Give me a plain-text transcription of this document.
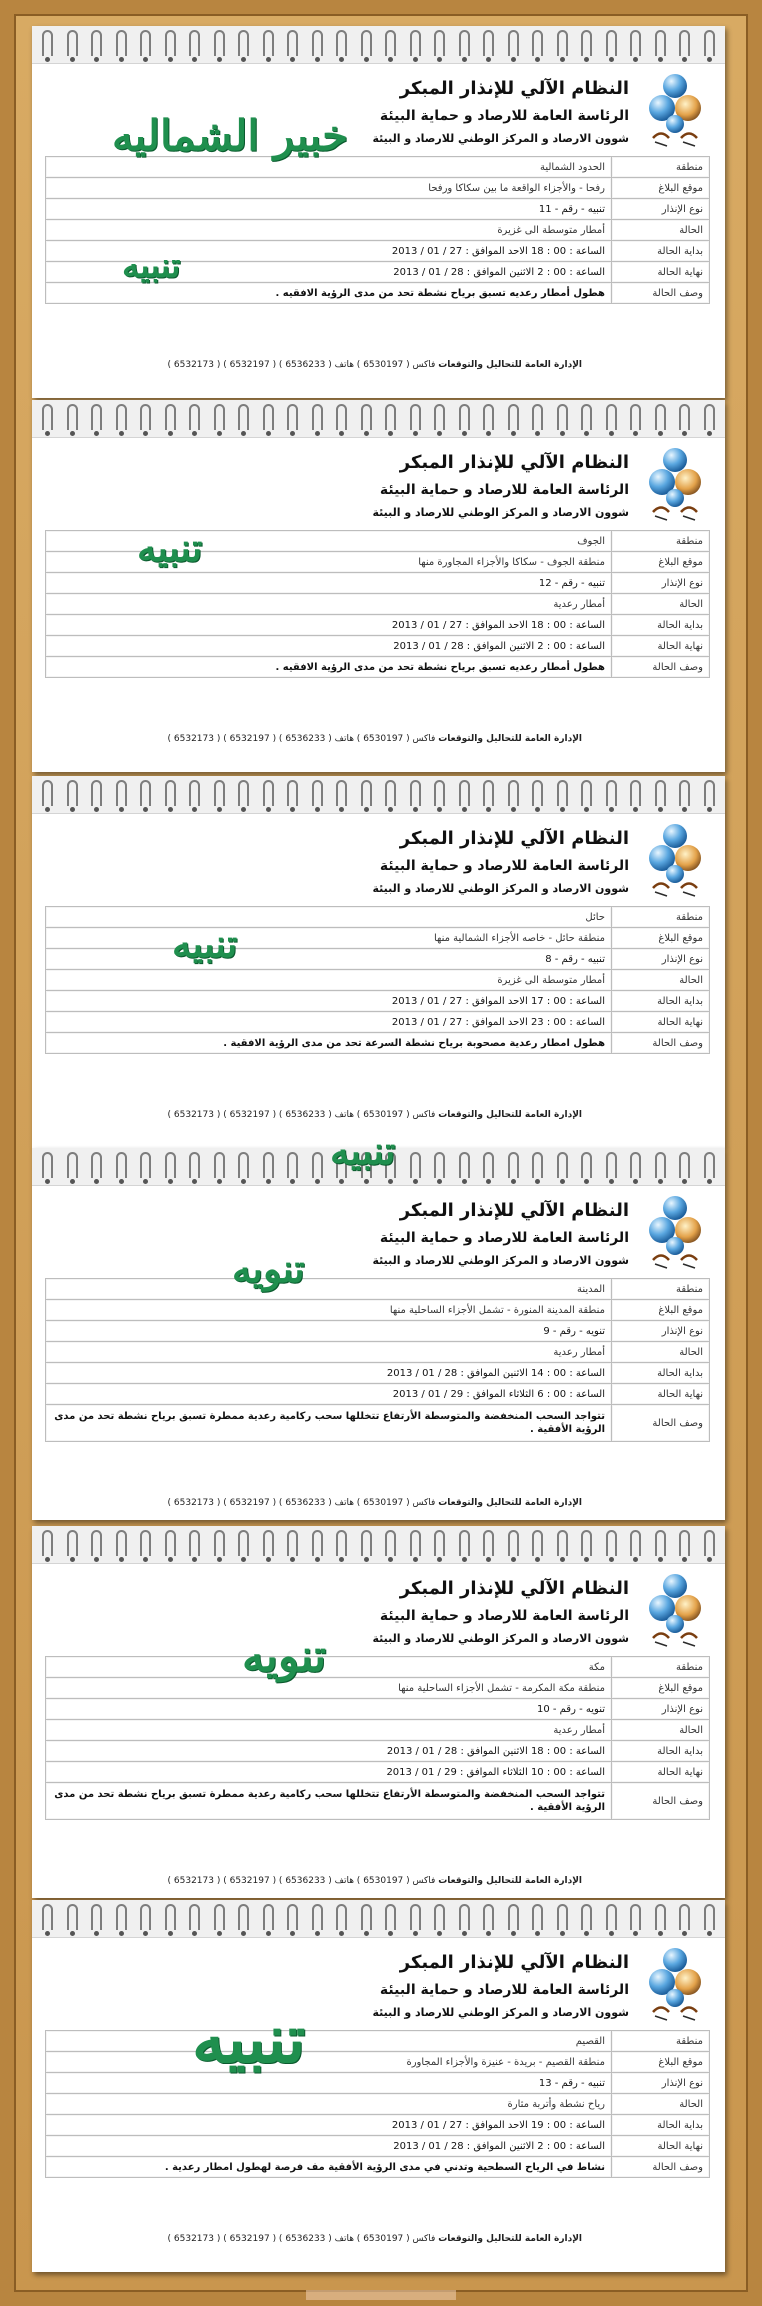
النظام الآلي للإنذار المبكر
الرئاسة العامة للارصاد و حماية البيئة
شوون الارصاد و المركز الوطني للارصاد و البيئة
منطقة	الحدود الشمالية
موقع البلاغ	رفحا - والأجزاء الواقعة ما بين سكاكا ورفحا
نوع الإنذار	تنبيه - رقم - 11
الحالة	أمطار متوسطة الى غزيرة
بداية الحالة	الساعة : 00 : 18 الاحد الموافق : 27 / 01 / 2013
نهاية الحالة	الساعة : 00 : 2 الاثنين الموافق : 28 / 01 / 2013
وصف الحالة	هطول أمطار رعديه تسبق برياح نشطة تحد من مدى الرؤية الافقيه .
الإدارة العامة للتحاليل والتوقعات فاكس ( 6530197 ) هاتف ( 6536233 ) ( 6532197 ) ( 6532173 )
خبير الشماليه
تنبيه
النظام الآلي للإنذار المبكر
الرئاسة العامة للارصاد و حماية البيئة
شوون الارصاد و المركز الوطني للارصاد و البيئة
منطقة	الجوف
موقع البلاغ	منطقة الجوف - سكاكا والأجزاء المجاورة منها
نوع الإنذار	تنبيه - رقم - 12
الحالة	أمطار رعدية
بداية الحالة	الساعة : 00 : 18 الاحد الموافق : 27 / 01 / 2013
نهاية الحالة	الساعة : 00 : 2 الاثنين الموافق : 28 / 01 / 2013
وصف الحالة	هطول أمطار رعديه تسبق برياح نشطة تحد من مدى الرؤية الافقيه .
الإدارة العامة للتحاليل والتوقعات فاكس ( 6530197 ) هاتف ( 6536233 ) ( 6532197 ) ( 6532173 )
تنبيه
النظام الآلي للإنذار المبكر
الرئاسة العامة للارصاد و حماية البيئة
شوون الارصاد و المركز الوطني للارصاد و البيئة
منطقة	حائل
موقع البلاغ	منطقة حائل - خاصه الأجزاء الشمالية منها
نوع الإنذار	تنبيه - رقم - 8
الحالة	أمطار متوسطة الى غزيرة
بداية الحالة	الساعة : 00 : 17 الاحد الموافق : 27 / 01 / 2013
نهاية الحالة	الساعة : 00 : 23 الاحد الموافق : 27 / 01 / 2013
وصف الحالة	هطول امطار رعدية مصحوبة برياح نشطة السرعة تحد من مدى الرؤية الافقية .
الإدارة العامة للتحاليل والتوقعات فاكس ( 6530197 ) هاتف ( 6536233 ) ( 6532197 ) ( 6532173 )
تنبيه
النظام الآلي للإنذار المبكر
الرئاسة العامة للارصاد و حماية البيئة
شوون الارصاد و المركز الوطني للارصاد و البيئة
منطقة	المدينة
موقع البلاغ	منطقة المدينة المنورة - تشمل الأجزاء الساحلية منها
نوع الإنذار	تنويه - رقم - 9
الحالة	أمطار رعدية
بداية الحالة	الساعة : 00 : 14 الاثنين الموافق : 28 / 01 / 2013
نهاية الحالة	الساعة : 00 : 6 الثلاثاء الموافق : 29 / 01 / 2013
وصف الحالة	تتواجد السحب المنخفضة والمتوسطة الأرتفاع تتخللها سحب ركامية رعدية ممطرة تسبق برياح نشطة تحد من مدى الرؤية الأفقية .
الإدارة العامة للتحاليل والتوقعات فاكس ( 6530197 ) هاتف ( 6536233 ) ( 6532197 ) ( 6532173 )
تنويه
النظام الآلي للإنذار المبكر
الرئاسة العامة للارصاد و حماية البيئة
شوون الارصاد و المركز الوطني للارصاد و البيئة
منطقة	مكة
موقع البلاغ	منطقة مكة المكرمة - تشمل الأجزاء الساحلية منها
نوع الإنذار	تنويه - رقم - 10
الحالة	أمطار رعدية
بداية الحالة	الساعة : 00 : 18 الاثنين الموافق : 28 / 01 / 2013
نهاية الحالة	الساعة : 00 : 10 الثلاثاء الموافق : 29 / 01 / 2013
وصف الحالة	تتواجد السحب المنخفضة والمتوسطة الأرتفاع تتخللها سحب ركامية رعدية ممطرة تسبق برياح نشطة تحد من مدى الرؤية الأفقية .
الإدارة العامة للتحاليل والتوقعات فاكس ( 6530197 ) هاتف ( 6536233 ) ( 6532197 ) ( 6532173 )
تنويه
النظام الآلي للإنذار المبكر
الرئاسة العامة للارصاد و حماية البيئة
شوون الارصاد و المركز الوطني للارصاد و البيئة
منطقة	القصيم
موقع البلاغ	منطقة القصيم - بريدة - عنيزة والأجزاء المجاورة
نوع الإنذار	تنبيه - رقم - 13
الحالة	رياح نشطة وأتربة مثارة
بداية الحالة	الساعة : 00 : 19 الاحد الموافق : 27 / 01 / 2013
نهاية الحالة	الساعة : 00 : 2 الاثنين الموافق : 28 / 01 / 2013
وصف الحالة	نشاط في الرياح السطحية وتدني في مدى الرؤية الأفقية مف فرصة لهطول امطار رعدية .
الإدارة العامة للتحاليل والتوقعات فاكس ( 6530197 ) هاتف ( 6536233 ) ( 6532197 ) ( 6532173 )
تنبيه
تنبيه
